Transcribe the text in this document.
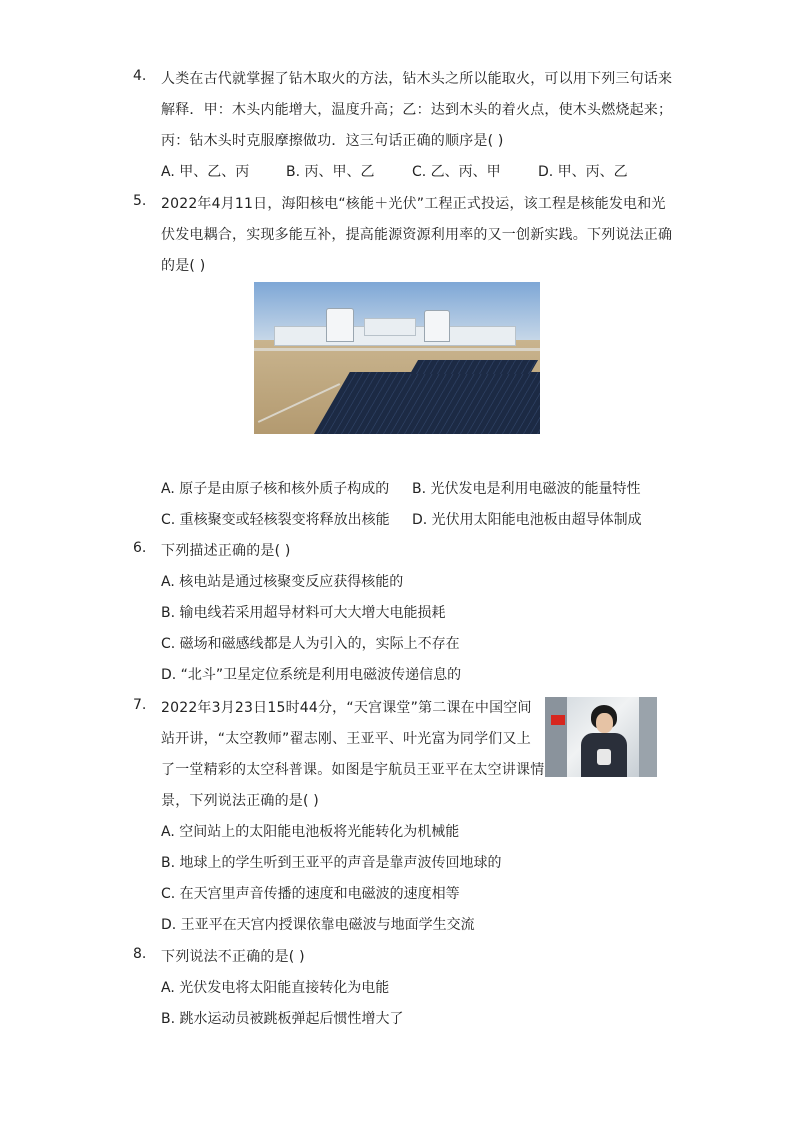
4. 人类在古代就掌握了钻木取火的方法，钻木头之所以能取火，可以用下列三句话来
解释．甲：木头内能增大，温度升高；乙：达到木头的着火点，使木头燃烧起来；
丙：钻木头时克服摩擦做功．这三句话正确的顺序是( )
A. 甲、乙、丙	B. 丙、甲、乙	C. 乙、丙、甲	D. 甲、丙、乙
5. 2022年4月11日，海阳核电“核能＋光伏”工程正式投运，该工程是核能发电和光
伏发电耦合，实现多能互补，提高能源资源利用率的又一创新实践。下列说法正确
的是( )
A. 原子是由原子核和核外质子构成的 B. 光伏发电是利用电磁波的能量特性
C. 重核聚变或轻核裂变将释放出核能 D. 光伏用太阳能电池板由超导体制成
6. 下列描述正确的是( )
A. 核电站是通过核聚变反应获得核能的
B. 输电线若采用超导材料可大大增大电能损耗
C. 磁场和磁感线都是人为引入的，实际上不存在
D. “北斗”卫星定位系统是利用电磁波传递信息的
7. 2022年3月23日15时44分，“天宫课堂”第二课在中国空间
站开讲，“太空教师”翟志刚、王亚平、叶光富为同学们又上
了一堂精彩的太空科普课。如图是宇航员王亚平在太空讲课情
景，下列说法正确的是( )
A. 空间站上的太阳能电池板将光能转化为机械能
B. 地球上的学生听到王亚平的声音是靠声波传回地球的
C. 在天宫里声音传播的速度和电磁波的速度相等
D. 王亚平在天宫内授课依靠电磁波与地面学生交流
8. 下列说法不正确的是( )
A. 光伏发电将太阳能直接转化为电能
B. 跳水运动员被跳板弹起后惯性增大了
